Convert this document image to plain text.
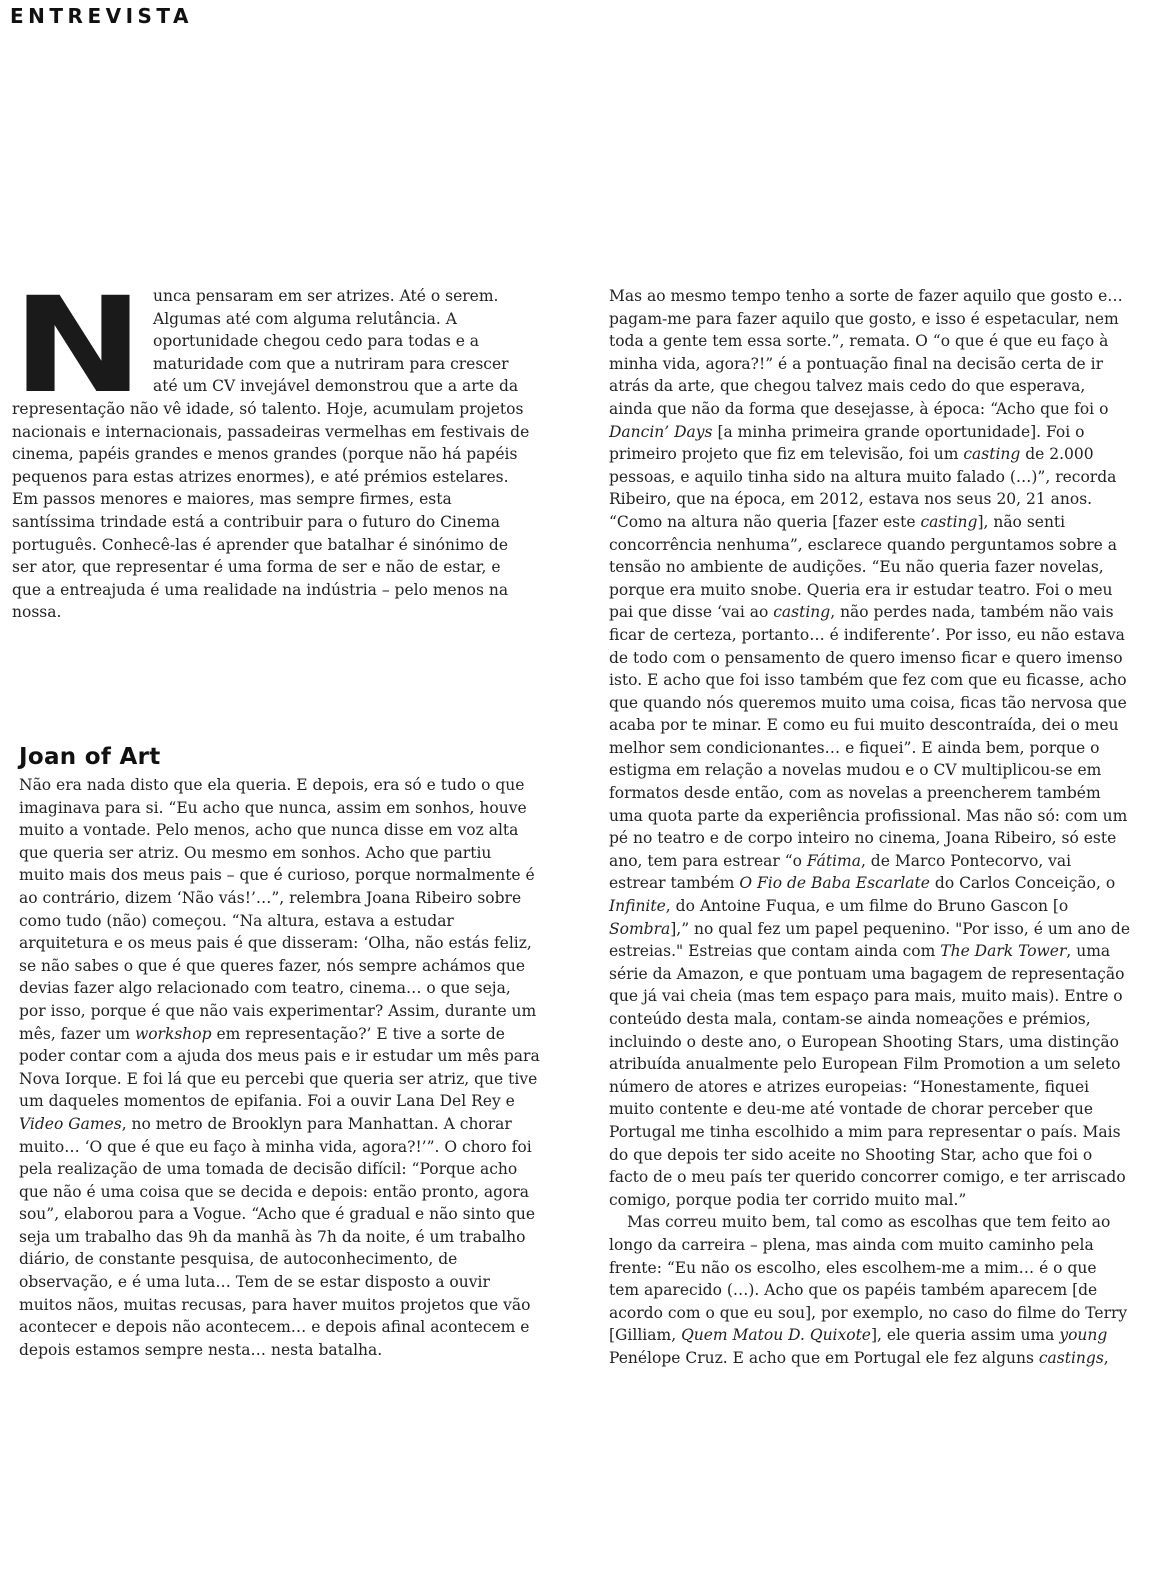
ENTREVISTA
N unca pensaram em ser atrizes. Até o serem. Algumas até com alguma relutância. A oportunidade chegou cedo para todas e a maturidade com que a nutriram para crescer até um CV invejável demonstrou que a arte da representação não vê idade, só talento. Hoje, acumulam projetos nacionais e internacionais, passadeiras vermelhas em festivais de cinema, papéis grandes e menos grandes (porque não há papéis pequenos para estas atrizes enormes), e até prémios estelares. Em passos menores e maiores, mas sempre firmes, esta santíssima trindade está a contribuir para o futuro do Cinema português. Conhecê-las é aprender que batalhar é sinónimo de ser ator, que representar é uma forma de ser e não de estar, e que a entreajuda é uma realidade na indústria – pelo menos na nossa.

Joan of Art

Não era nada disto que ela queria. E depois, era só e tudo o que imaginava para si. “Eu acho que nunca, assim em sonhos, houve muito a vontade. Pelo menos, acho que nunca disse em voz alta que queria ser atriz. Ou mesmo em sonhos. Acho que partiu muito mais dos meus pais – que é curioso, porque normalmente é ao contrário, dizem ‘Não vás!’…”, relembra Joana Ribeiro sobre como tudo (não) começou. “Na altura, estava a estudar arquitetura e os meus pais é que disseram: ‘Olha, não estás feliz, se não sabes o que é que queres fazer, nós sempre achámos que devias fazer algo relacionado com teatro, cinema… o que seja, por isso, porque é que não vais experimentar? Assim, durante um mês, fazer um workshop em representação?’ E tive a sorte de poder contar com a ajuda dos meus pais e ir estudar um mês para Nova Iorque. E foi lá que eu percebi que queria ser atriz, que tive um daqueles momentos de epifania. Foi a ouvir Lana Del Rey e Video Games, no metro de Brooklyn para Manhattan. A chorar muito… ‘O que é que eu faço à minha vida, agora?!’”. O choro foi pela realização de uma tomada de decisão difícil: “Porque acho que não é uma coisa que se decida e depois: então pronto, agora sou”, elaborou para a Vogue. “Acho que é gradual e não sinto que seja um trabalho das 9h da manhã às 7h da noite, é um trabalho diário, de constante pesquisa, de autoconhecimento, de observação, e é uma luta… Tem de se estar disposto a ouvir muitos nãos, muitas recusas, para haver muitos projetos que vão acontecer e depois não acontecem… e depois afinal acontecem e depois estamos sempre nesta… nesta batalha.

Mas ao mesmo tempo tenho a sorte de fazer aquilo que gosto e… pagam-me para fazer aquilo que gosto, e isso é espetacular, nem toda a gente tem essa sorte.”, remata. O “o que é que eu faço à minha vida, agora?!” é a pontuação final na decisão certa de ir atrás da arte, que chegou talvez mais cedo do que esperava, ainda que não da forma que desejasse, à época: “Acho que foi o Dancin’ Days [a minha primeira grande oportunidade]. Foi o primeiro projeto que fiz em televisão, foi um casting de 2.000 pessoas, e aquilo tinha sido na altura muito falado (…)”, recorda Ribeiro, que na época, em 2012, estava nos seus 20, 21 anos. “Como na altura não queria [fazer este casting], não senti concorrência nenhuma”, esclarece quando perguntamos sobre a tensão no ambiente de audições. “Eu não queria fazer novelas, porque era muito snobe. Queria era ir estudar teatro. Foi o meu pai que disse ‘vai ao casting, não perdes nada, também não vais ficar de certeza, portanto… é indiferente’. Por isso, eu não estava de todo com o pensamento de quero imenso ficar e quero imenso isto. E acho que foi isso também que fez com que eu ficasse, acho que quando nós queremos muito uma coisa, ficas tão nervosa que acaba por te minar. E como eu fui muito descontraída, dei o meu melhor sem condicionantes… e fiquei”. E ainda bem, porque o estigma em relação a novelas mudou e o CV multiplicou-se em formatos desde então, com as novelas a preencherem também uma quota parte da experiência profissional. Mas não só: com um pé no teatro e de corpo inteiro no cinema, Joana Ribeiro, só este ano, tem para estrear “o Fátima, de Marco Pontecorvo, vai estrear também O Fio de Baba Escarlate do Carlos Conceição, o Infinite, do Antoine Fuqua, e um filme do Bruno Gascon [o Sombra],” no qual fez um papel pequenino. "Por isso, é um ano de estreias." Estreias que contam ainda com The Dark Tower, uma série da Amazon, e que pontuam uma bagagem de representação que já vai cheia (mas tem espaço para mais, muito mais). Entre o conteúdo desta mala, contam-se ainda nomeações e prémios, incluindo o deste ano, o European Shooting Stars, uma distinção atribuída anualmente pelo European Film Promotion a um seleto número de atores e atrizes europeias: “Honestamente, fiquei muito contente e deu-me até vontade de chorar perceber que Portugal me tinha escolhido a mim para representar o país. Mais do que depois ter sido aceite no Shooting Star, acho que foi o facto de o meu país ter querido concorrer comigo, e ter arriscado comigo, porque podia ter corrido muito mal.”

Mas correu muito bem, tal como as escolhas que tem feito ao longo da carreira – plena, mas ainda com muito caminho pela frente: “Eu não os escolho, eles escolhem-me a mim… é o que tem aparecido (…). Acho que os papéis também aparecem [de acordo com o que eu sou], por exemplo, no caso do filme do Terry [Gilliam, Quem Matou D. Quixote], ele queria assim uma young Penélope Cruz. E acho que em Portugal ele fez alguns castings,
